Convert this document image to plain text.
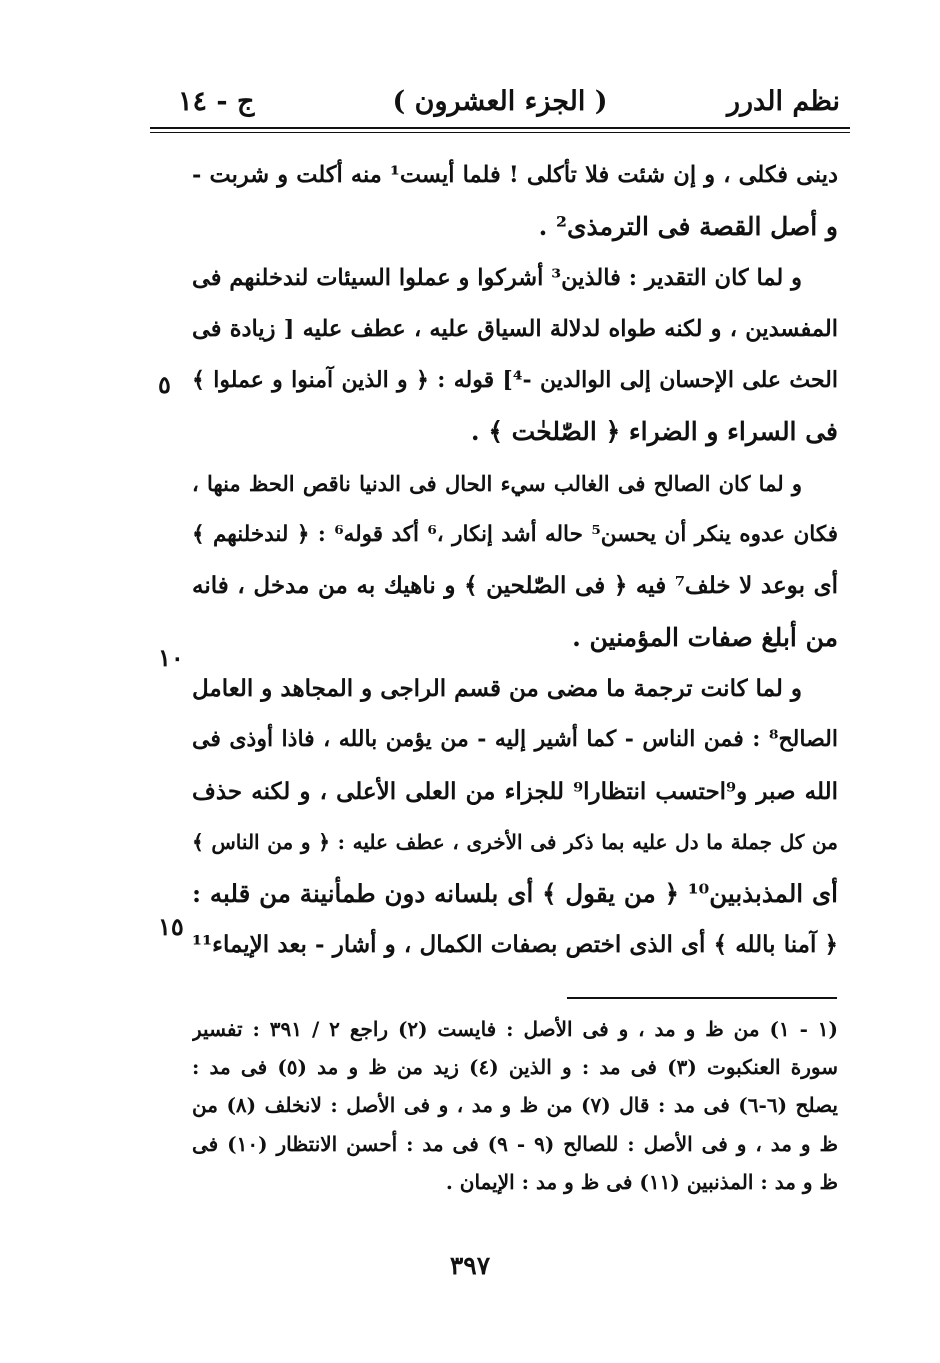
نظم الدرر
( الجزء العشرون )
ج - ١٤
دينى فكلى ، و إن شئت فلا تأكلى ! فلما أيست¹ منه أكلت و شربت -
و أصل القصة فى الترمذى² .
و لما كان التقدير : فالذين³ أشركوا و عملوا السيئات لندخلنهم فى
المفسدين ، و لكنه طواه لدلالة السياق عليه ، عطف عليه [ زيادة فى
الحث على الإحسان إلى الوالدين -⁴] قوله : ﴿ و الذين آمنوا و عملوا ﴾
فى السراء و الضراء ﴿ الصّٰلحٰت ﴾ .
و لما كان الصالح فى الغالب سيء الحال فى الدنيا ناقص الحظ منها ،
فكان عدوه ينكر أن يحسن⁵ حاله أشد إنكار ،⁶ أكد قوله⁶ : ﴿ لندخلنهم ﴾
أى بوعد لا خلف⁷ فيه ﴿ فى الصّٰلحين ﴾ و ناهيك به من مدخل ، فانه
من أبلغ صفات المؤمنين .
و لما كانت ترجمة ما مضى من قسم الراجى و المجاهد و العامل
الصالح⁸ : فمن الناس - كما أشير إليه - من يؤمن بالله ، فاذا أوذى فى
الله صبر و⁹احتسب انتظارا⁹ للجزاء من العلى الأعلى ، و لكنه حذف
من كل جملة ما دل عليه بما ذكر فى الأخرى ، عطف عليه : ﴿ و من الناس ﴾
أى المذبذبين¹⁰ ﴿ من يقول ﴾ أى بلسانه دون طمأنينة من قلبه :
﴿ آمنا بالله ﴾ أى الذى اختص بصفات الكمال ، و أشار - بعد الإيماء¹¹
٥
١٠
١٥
(١ - ١) من ظ و مد ، و فى الأصل : فايست (٢) راجع ٢ / ٣٩١ : تفسير
سورة العنكبوت (٣) فى مد : و الذين (٤) زيد من ظ و مد (٥) فى مد :
يصلح (٦-٦) فى مد : قال (٧) من ظ و مد ، و فى الأصل : لانخلف (٨) من
ظ و مد ، و فى الأصل : للصالح (٩ - ٩) فى مد : أحسن الانتظار (١٠) فى
ظ و مد : المذنبين (١١) فى ظ و مد : الإيمان .
٣٩٧
